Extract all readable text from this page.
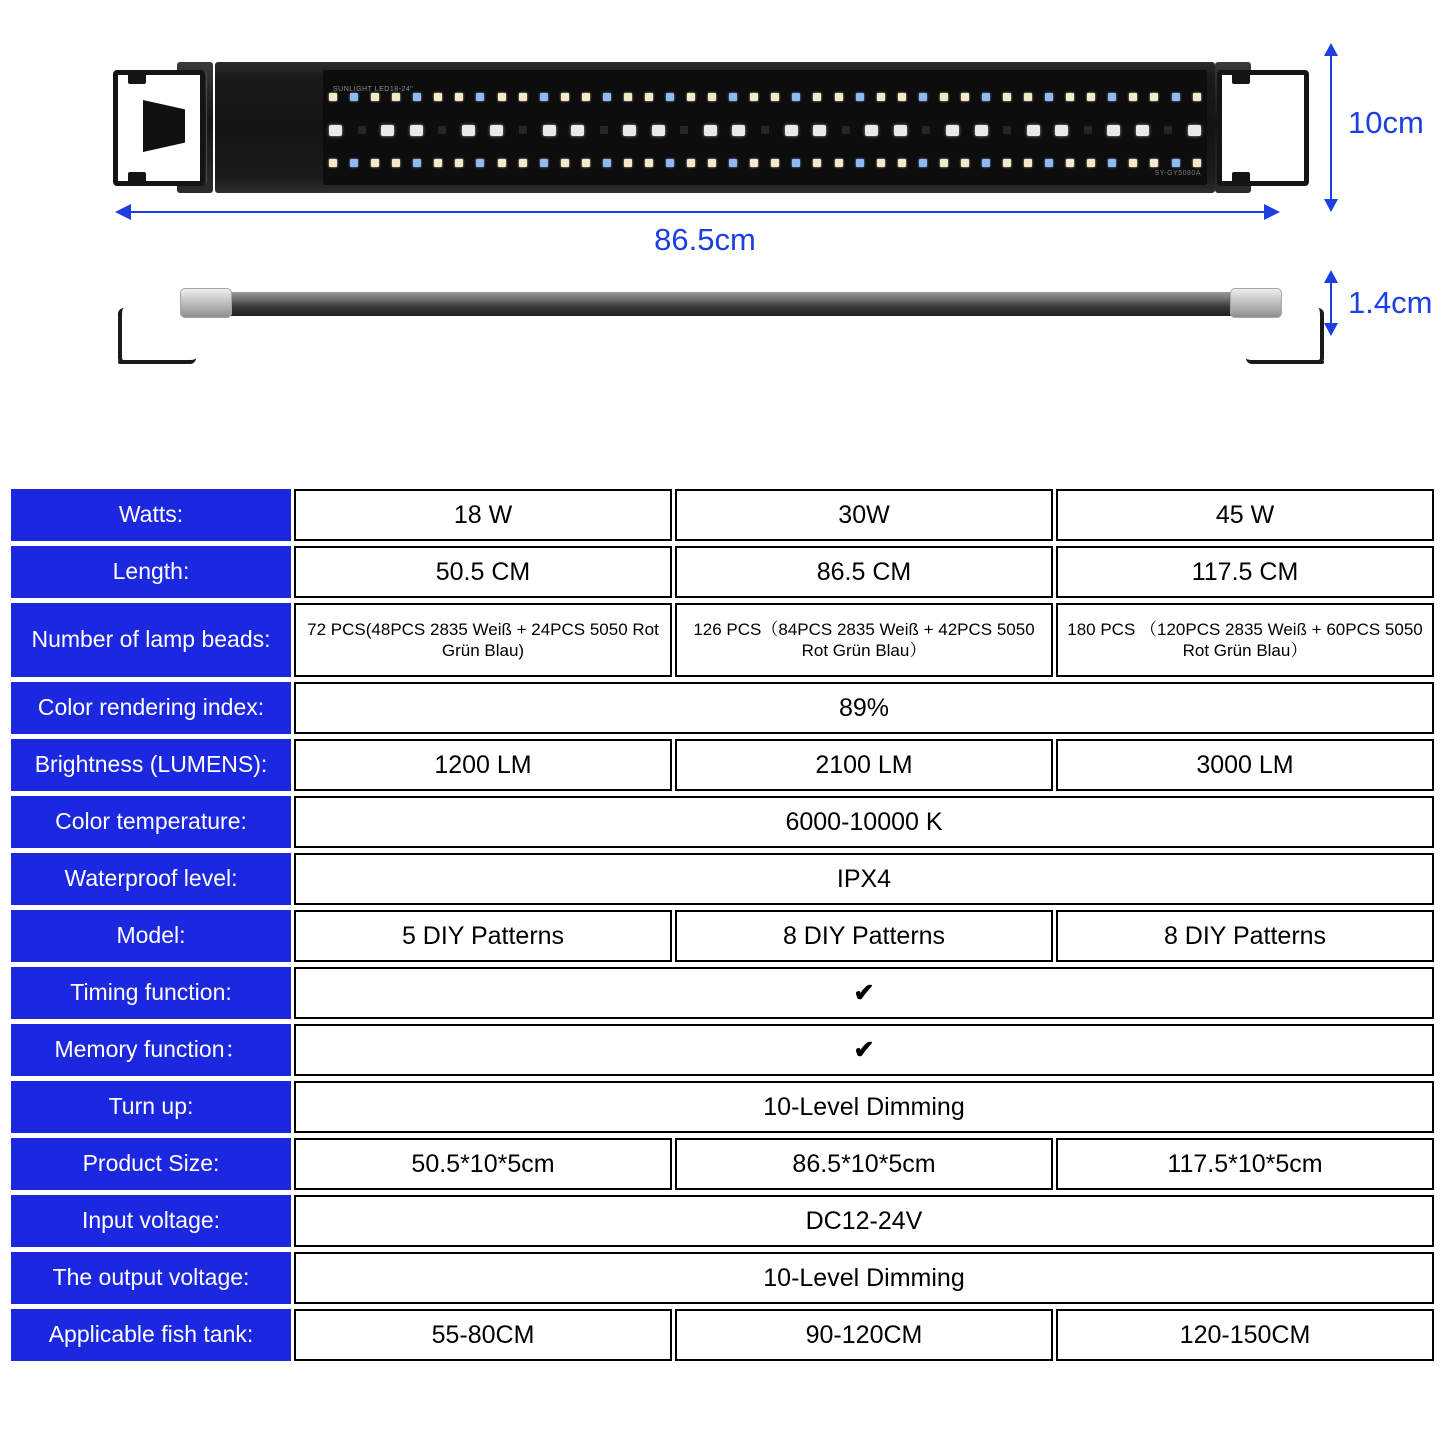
SUNLIGHT LED18-24"
SY-GY5080A
10cm
86.5cm
1.4cm
Watts:	18 W	30W	45 W
Length:	50.5 CM	86.5 CM	117.5 CM
Number of lamp beads:	72 PCS(48PCS 2835 Weiß + 24PCS 5050 Rot Grün Blau)	126 PCS（84PCS 2835 Weiß + 42PCS 5050 Rot Grün Blau）	180 PCS （120PCS 2835 Weiß + 60PCS 5050 Rot Grün Blau）
Color rendering index:	89%		
Brightness (LUMENS):	1200 LM	2100 LM	3000 LM
Color temperature:	6000-10000 K		
Waterproof level:	IPX4		
Model:	5 DIY Patterns	8 DIY Patterns	8 DIY Patterns
Timing function:	✔		
Memory function：	✔		
Turn up:	10-Level Dimming		
Product Size:	50.5*10*5cm	86.5*10*5cm	117.5*10*5cm
Input voltage:	DC12-24V		
The output voltage:	10-Level Dimming		
Applicable fish tank:	55-80CM	90-120CM	120-150CM
